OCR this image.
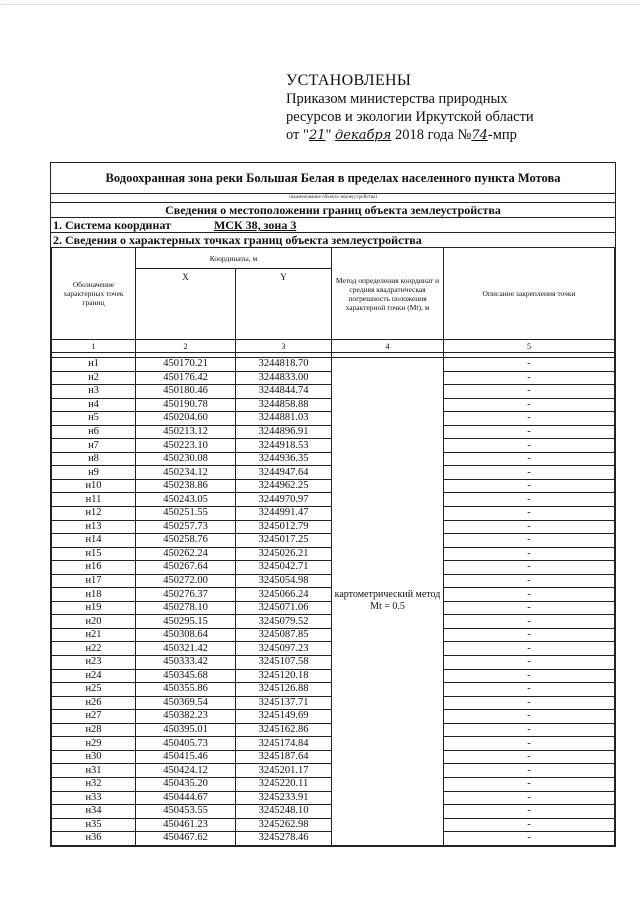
УСТАНОВЛЕНЫ
Приказом министерства природных
ресурсов и экологии Иркутской области
от "21" декабря 2018 года №74-мпр
Водоохранная зона реки Большая Белая в пределах населенного пункта Мотова
(наименование объекта землеустройства)
Сведения о местоположении границ объекта землеустройства
1. Система координат	МСК 38, зона 3
2. Сведения о характерных точках границ объекта землеустройства
Обозначение характерных точек границ	Координаты, м		Метод определения координат и средняя квадратическая погрешность положения характерной точки (Mt), м	Описание закрепления точки
	X	Y		
1	2	3	4	5

н1	450170.21	3244818.70	картометрический метод Mt = 0.5	-
н2	450176.42	3244833.00		-
н3	450180.46	3244844.74		-
н4	450190.78	3244858.88		-
н5	450204.60	3244881.03		-
н6	450213.12	3244896.91		-
н7	450223.10	3244918.53		-
н8	450230.08	3244936.35		-
н9	450234.12	3244947.64		-
н10	450238.86	3244962.25		-
н11	450243.05	3244970.97		-
н12	450251.55	3244991.47		-
н13	450257.73	3245012.79		-
н14	450258.76	3245017.25		-
н15	450262.24	3245026.21		-
н16	450267.64	3245042.71		-
н17	450272.00	3245054.98		-
н18	450276.37	3245066.24		-
н19	450278.10	3245071.06		-
н20	450295.15	3245079.52		-
н21	450308.64	3245087.85		-
н22	450321.42	3245097.23		-
н23	450333.42	3245107.58		-
н24	450345.68	3245120.18		-
н25	450355.86	3245126.88		-
н26	450369.54	3245137.71		-
н27	450382.23	3245149.69		-
н28	450395.01	3245162.86		-
н29	450405.73	3245174.84		-
н30	450415.46	3245187.64		-
н31	450424.12	3245201.17		-
н32	450435.20	3245220.11		-
н33	450444.67	3245233.91		-
н34	450453.55	3245248.10		-
н35	450461.23	3245262.98		-
н36	450467.62	3245278.46		-
